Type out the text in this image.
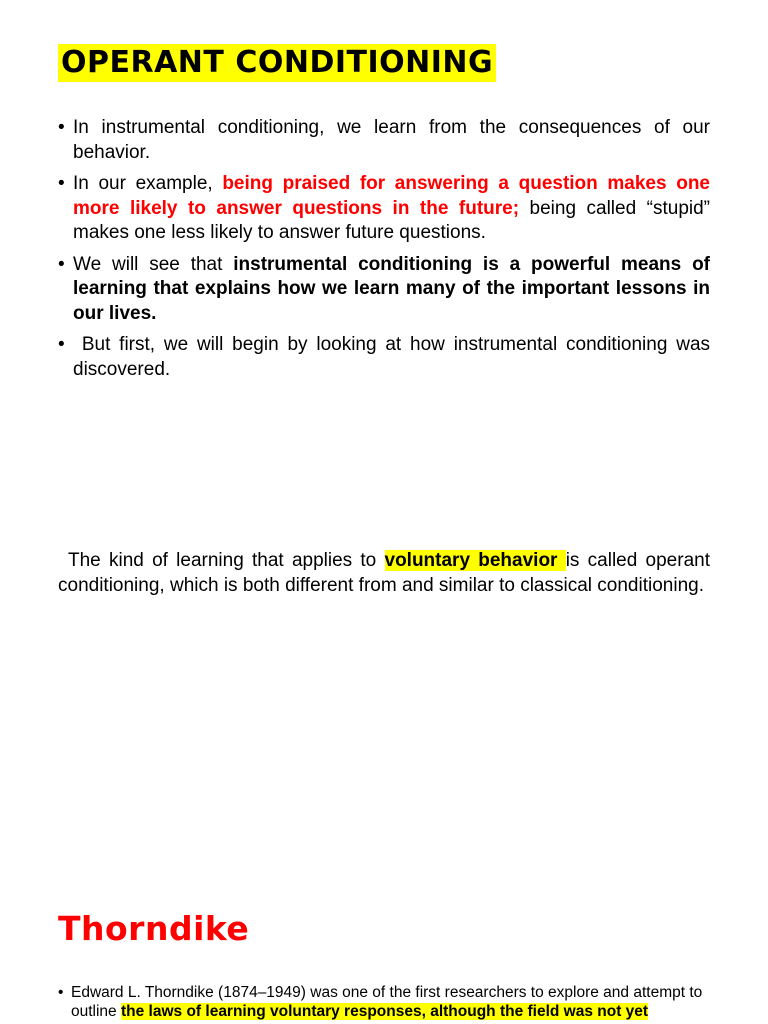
OPERANT CONDITIONING
• In instrumental conditioning, we learn from the consequences of our behavior.
• In our example, being praised for answering a question makes one more likely to answer questions in the future; being called “stupid” makes one less likely to answer future questions.
• We will see that instrumental conditioning is a powerful means of learning that explains how we learn many of the important lessons in our lives.
•  But first, we will begin by looking at how instrumental conditioning was discovered.

The kind of learning that applies to voluntary behavior is called operant conditioning, which is both different from and similar to classical conditioning.

Thorndike
• Edward L. Thorndike (1874–1949) was one of the first researchers to explore and attempt to outline the laws of learning voluntary responses, although the field was not yet
